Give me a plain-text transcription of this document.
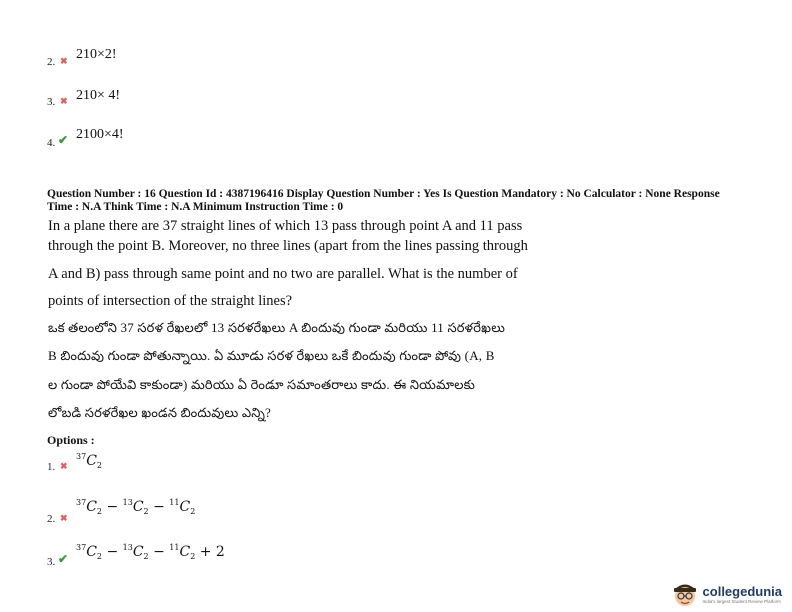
2. ✖ 210×2!
3. ✖ 210× 4!
4. ✔ 2100×4!
Question Number : 16 Question Id : 4387196416 Display Question Number : Yes Is Question Mandatory : No Calculator : None Response
Time : N.A Think Time : N.A Minimum Instruction Time : 0
In a plane there are 37 straight lines of which 13 pass through point A and 11 pass
through the point B. Moreover, no three lines (apart from the lines passing through
A and B) pass through same point and no two are parallel. What is the number of
points of intersection of the straight lines?
ఒక తలంలోని 37 సరళ రేఖలలో 13 సరళరేఖలు A బిందువు గుండా మరియు 11 సరళరేఖలు
B బిందువు గుండా పోతున్నాయి. ఏ మూడు సరళ రేఖలు ఒకే బిందువు గుండా పోవు (A, B
ల గుండా పోయేవి కాకుండా) మరియు ఏ రెండూ సమాంతరాలు కాదు. ఈ నియమాలకు
లోబడి సరళరేఖల ఖండన బిందువులు ఎన్ని?
Options :
1. ✖
$^{37}C_2$
2. ✖
$^{37}C_2 - ^{13}C_2 - ^{11}C_2$
3. ✔
$^{37}C_2 - ^{13}C_2 - ^{11}C_2 + 2$
collegedunia
India's largest Student Review Platform
